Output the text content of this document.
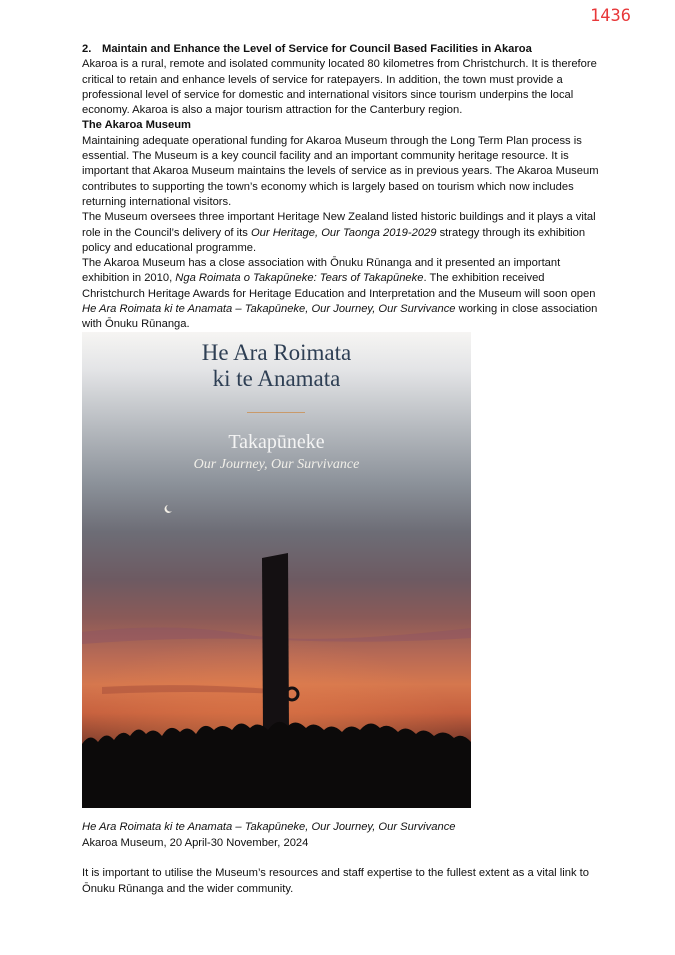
1436

2. Maintain and Enhance the Level of Service for Council Based Facilities in Akaroa

Akaroa is a rural, remote and isolated community located 80 kilometres from Christchurch. It is therefore critical to retain and enhance levels of service for ratepayers. In addition, the town must provide a professional level of service for domestic and international visitors since tourism underpins the local economy. Akaroa is also a major tourism attraction for the Canterbury region.

The Akaroa Museum

Maintaining adequate operational funding for Akaroa Museum through the Long Term Plan process is essential. The Museum is a key council facility and an important community heritage resource. It is important that Akaroa Museum maintains the levels of service as in previous years. The Akaroa Museum contributes to supporting the town’s economy which is largely based on tourism which now includes returning international visitors.

The Museum oversees three important Heritage New Zealand listed historic buildings and it plays a vital role in the Council’s delivery of its Our Heritage, Our Taonga 2019-2029 strategy through its exhibition policy and educational programme.

The Akaroa Museum has a close association with Ōnuku Rūnanga and it presented an important exhibition in 2010, Nga Roimata o Takapūneke: Tears of Takapūneke. The exhibition received Christchurch Heritage Awards for Heritage Education and Interpretation and the Museum will soon open He Ara Roimata ki te Anamata – Takapūneke, Our Journey, Our Survivance working in close association with Ōnuku Rūnanga.

He Ara Roimata
ki te Anamata
Takapūneke
Our Journey, Our Survivance

He Ara Roimata ki te Anamata – Takapūneke, Our Journey, Our Survivance

Akaroa Museum, 20 April-30 November, 2024

It is important to utilise the Museum’s resources and staff expertise to the fullest extent as a vital link to Ōnuku Rūnanga and the wider community.
